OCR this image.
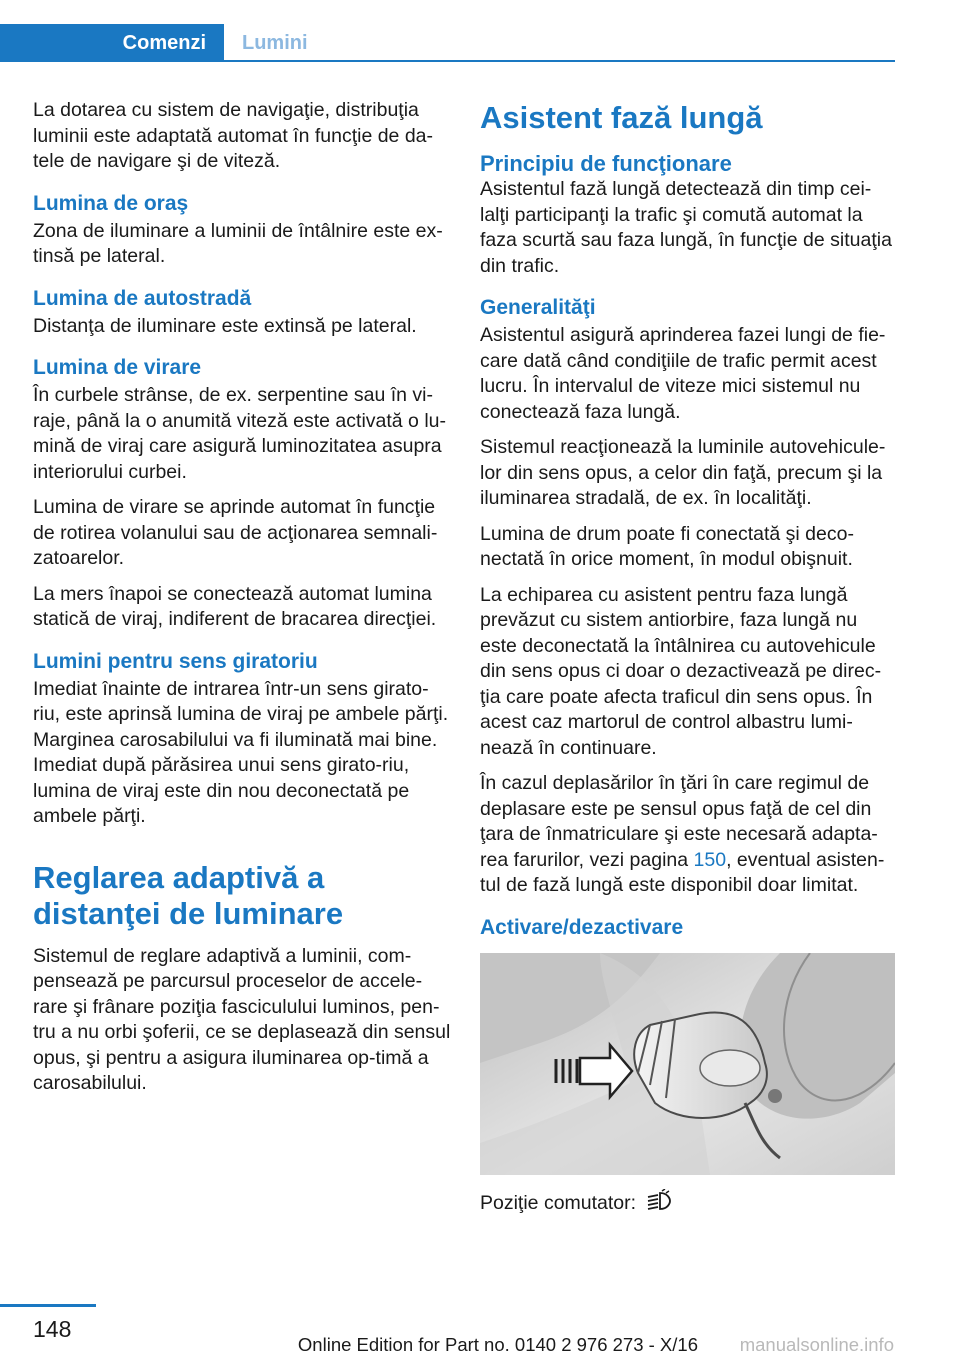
Comenzi	Lumini

La dotarea cu sistem de navigaţie, distribuţia luminii este adaptată automat în funcţie de da-tele de navigare şi de viteză.

Lumina de oraş

Zona de iluminare a luminii de întâlnire este ex-tinsă pe lateral.

Lumina de autostradă

Distanţa de iluminare este extinsă pe lateral.

Lumina de virare

În curbele strânse, de ex. serpentine sau în vi-raje, până la o anumită viteză este activată o lu-mină de viraj care asigură luminozitatea asupra interiorului curbei.

Lumina de virare se aprinde automat în funcţie de rotirea volanului sau de acţionarea semnali-zatoarelor.

La mers înapoi se conectează automat lumina statică de viraj, indiferent de bracarea direcţiei.

Lumini pentru sens giratoriu

Imediat înainte de intrarea într-un sens girato-riu, este aprinsă lumina de viraj pe ambele părţi. Marginea carosabilului va fi iluminată mai bine. Imediat după părăsirea unui sens girato-riu, lumina de viraj este din nou deconectată pe ambele părţi.

Reglarea adaptivă a distanţei de luminare

Sistemul de reglare adaptivă a luminii, com-pensează pe parcursul proceselor de accele-rare şi frânare poziţia fasciculului luminos, pen-tru a nu orbi şoferii, ce se deplasează din sensul opus, şi pentru a asigura iluminarea op-timă a carosabilului.

Asistent fază lungă
Principiu de funcţionare

Asistentul fază lungă detectează din timp cei-lalţi participanţi la trafic şi comută automat la faza scurtă sau faza lungă, în funcţie de situaţia din trafic.

Generalităţi

Asistentul asigură aprinderea fazei lungi de fie-care dată când condiţiile de trafic permit acest lucru. În intervalul de viteze mici sistemul nu conectează faza lungă.

Sistemul reacţionează la luminile autovehicule-lor din sens opus, a celor din faţă, precum şi la iluminarea stradală, de ex. în localităţi.

Lumina de drum poate fi conectată şi deco-nectată în orice moment, în modul obişnuit.

La echiparea cu asistent pentru faza lungă prevăzut cu sistem antiorbire, faza lungă nu este deconectată la întâlnirea cu autovehicule din sens opus ci doar o dezactivează pe direc-ţia care poate afecta traficul din sens opus. În acest caz martorul de control albastru lumi-nează în continuare.

În cazul deplasărilor în ţări în care regimul de deplasare este pe sensul opus faţă de cel din ţara de înmatriculare şi este necesară adapta-rea farurilor, vezi pagina 150, eventual asisten-tul de fază lungă este disponibil doar limitat.

Activare/dezactivare
Poziţie comutator:
148
Online Edition for Part no. 0140 2 976 273 - X/16 manualsonline.info
